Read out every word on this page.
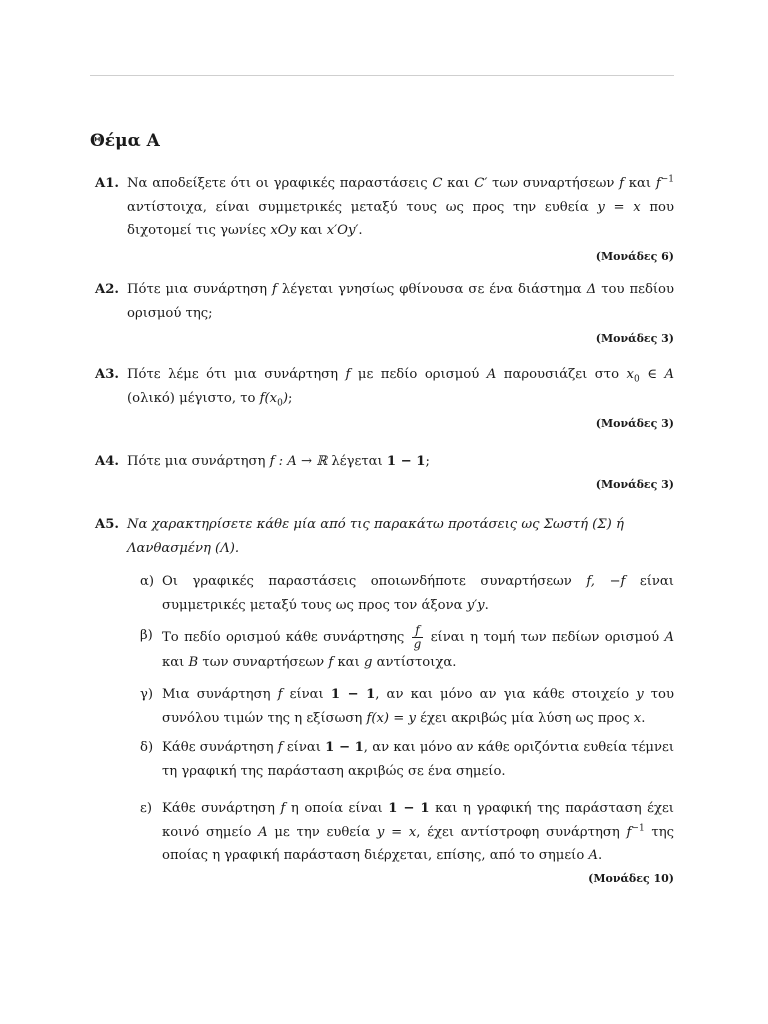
Θέμα Α
Α1. Να αποδείξετε ότι οι γραφικές παραστάσεις C και C′ των συναρτήσεων f και $f^{-1}$ αντίστοιχα, είναι συμμετρικές μεταξύ τους ως προς την ευθεία y = x που διχοτομεί τις γωνίες xOy και x′Oy′.
(Μονάδες 6)
Α2. Πότε μια συνάρτηση f λέγεται γνησίως φθίνουσα σε ένα διάστημα Δ του πεδίου ορισμού της;
(Μονάδες 3)
Α3. Πότε λέμε ότι μια συνάρτηση f με πεδίο ορισμού A παρουσιάζει στο $x_0$ ∈ A (ολικό) μέγιστο, το $f(x_0)$;
(Μονάδες 3)
Α4. Πότε μια συνάρτηση f : A → ℝ λέγεται 1 − 1;
(Μονάδες 3)
Α5. Να χαρακτηρίσετε κάθε μία από τις παρακάτω προτάσεις ως Σωστή (Σ) ή Λανθασμένη (Λ).
α) Οι γραφικές παραστάσεις οποιωνδήποτε συναρτήσεων f, −f είναι συμμετρικές μεταξύ τους ως προς τον άξονα y′y.
β) Το πεδίο ορισμού κάθε συνάρτησης $\frac{f}{g}$ είναι η τομή των πεδίων ορισμού A και B των συναρτήσεων f και g αντίστοιχα.
γ) Μια συνάρτηση f είναι 1 − 1, αν και μόνο αν για κάθε στοιχείο y του συνόλου τιμών της η εξίσωση f(x) = y έχει ακριβώς μία λύση ως προς x.
δ) Κάθε συνάρτηση f είναι 1 − 1, αν και μόνο αν κάθε οριζόντια ευθεία τέμνει τη γραφική της παράσταση ακριβώς σε ένα σημείο.
ε) Κάθε συνάρτηση f η οποία είναι 1 − 1 και η γραφική της παράσταση έχει κοινό σημείο A με την ευθεία y = x, έχει αντίστροφη συνάρτηση $f^{-1}$ της οποίας η γραφική παράσταση διέρχεται, επίσης, από το σημείο A.
(Μονάδες 10)
